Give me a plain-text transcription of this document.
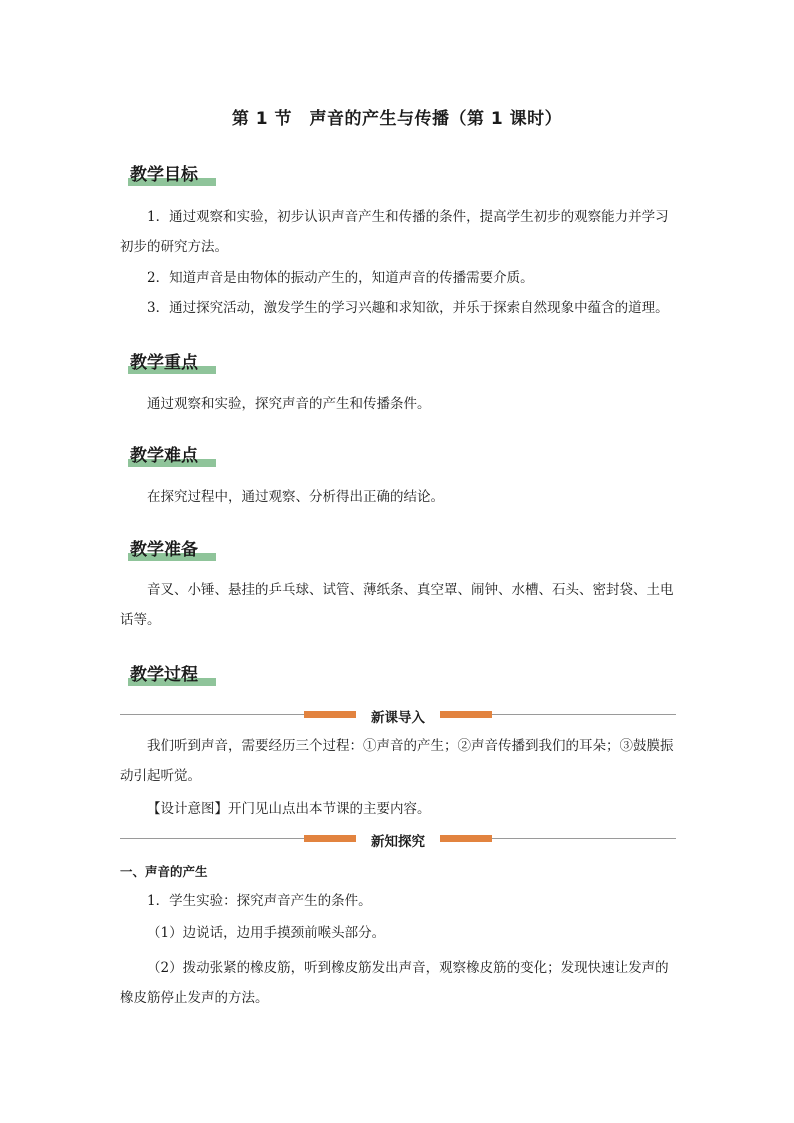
第 1 节　声音的产生与传播（第 1 课时）
教学目标

1．通过观察和实验，初步认识声音产生和传播的条件，提高学生初步的观察能力并学习初步的研究方法。

2．知道声音是由物体的振动产生的，知道声音的传播需要介质。

3．通过探究活动，激发学生的学习兴趣和求知欲，并乐于探索自然现象中蕴含的道理。

教学重点

通过观察和实验，探究声音的产生和传播条件。

教学难点

在探究过程中，通过观察、分析得出正确的结论。

教学准备

音叉、小锤、悬挂的乒乓球、试管、薄纸条、真空罩、闹钟、水槽、石头、密封袋、土电话等。

教学过程
新课导入

我们听到声音，需要经历三个过程：①声音的产生；②声音传播到我们的耳朵；③鼓膜振动引起听觉。

【设计意图】开门见山点出本节课的主要内容。

新知探究
一、声音的产生

1．学生实验：探究声音产生的条件。

（1）边说话，边用手摸颈前喉头部分。

（2）拨动张紧的橡皮筋，听到橡皮筋发出声音，观察橡皮筋的变化；发现快速让发声的橡皮筋停止发声的方法。
